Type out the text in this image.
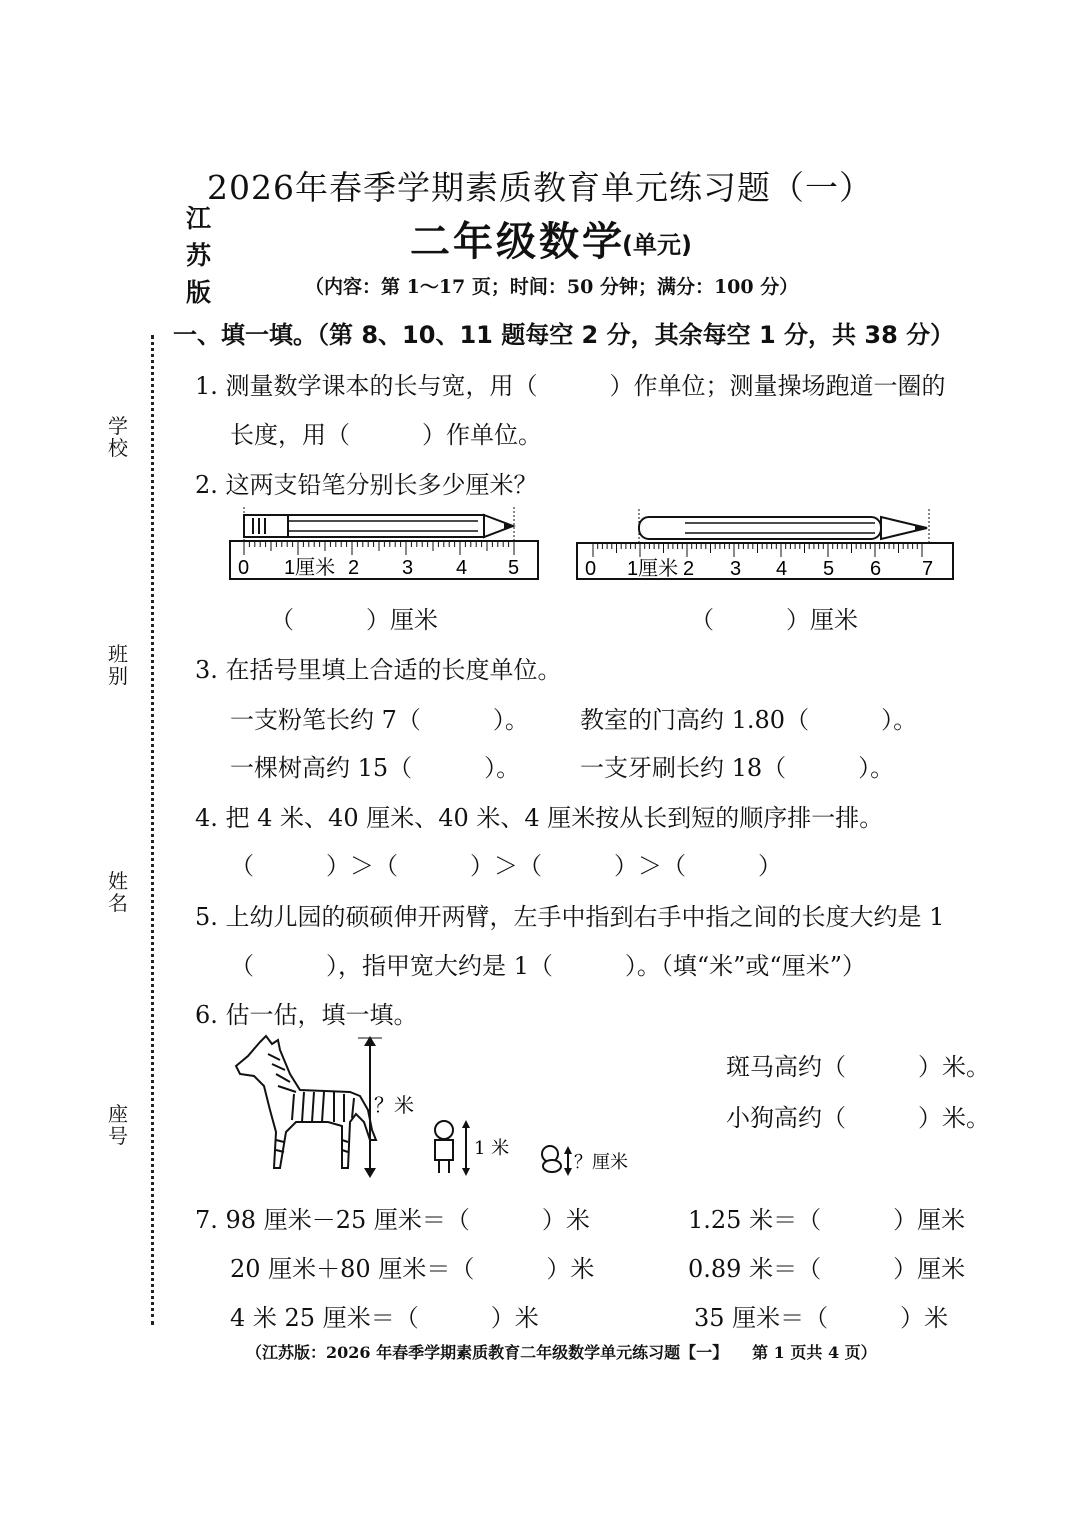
2026年春季学期素质教育单元练习题（一）
江
苏
版
二年级数学
(单元)
（内容：第 1～17 页；时间：50 分钟；满分：100 分）
学
校
班
别
姓
名
座
号
一、填一填。（第 8、10、11 题每空 2 分，其余每空 1 分，共 38 分）
1. 测量数学课本的长与宽，用（　　　）作单位；测量操场跑道一圈的
长度，用（　　　）作单位。
2. 这两支铅笔分别长多少厘米？
0 1厘米 2 3 4 5	0 1厘米 2 3 4 5 6 7
（　　　）厘米	（　　　）厘米
3. 在括号里填上合适的长度单位。
一支粉笔长约 7（　　　）。 教室的门高约 1.80（　　　）。
一棵树高约 15（　　　）。 一支牙刷长约 18（　　　）。
4. 把 4 米、40 厘米、40 米、4 厘米按从长到短的顺序排一排。
（　　　）＞（　　　）＞（　　　）＞（　　　）
5. 上幼儿园的硕硕伸开两臂，左手中指到右手中指之间的长度大约是 1
（　　　），指甲宽大约是 1（　　　）。（填“米”或“厘米”）
6. 估一估，填一填。
？米
1 米
？厘米
斑马高约（　　　）米。
小狗高约（　　　）米。
7. 98 厘米－25 厘米＝（　　　）米	1.25 米＝（　　　）厘米
20 厘米＋80 厘米＝（　　　）米	0.89 米＝（　　　）厘米
4 米 25 厘米＝（　　　）米	35 厘米＝（　　　）米
（江苏版：2026 年春季学期素质教育二年级数学单元练习题【一】　　第 1 页共 4 页）
